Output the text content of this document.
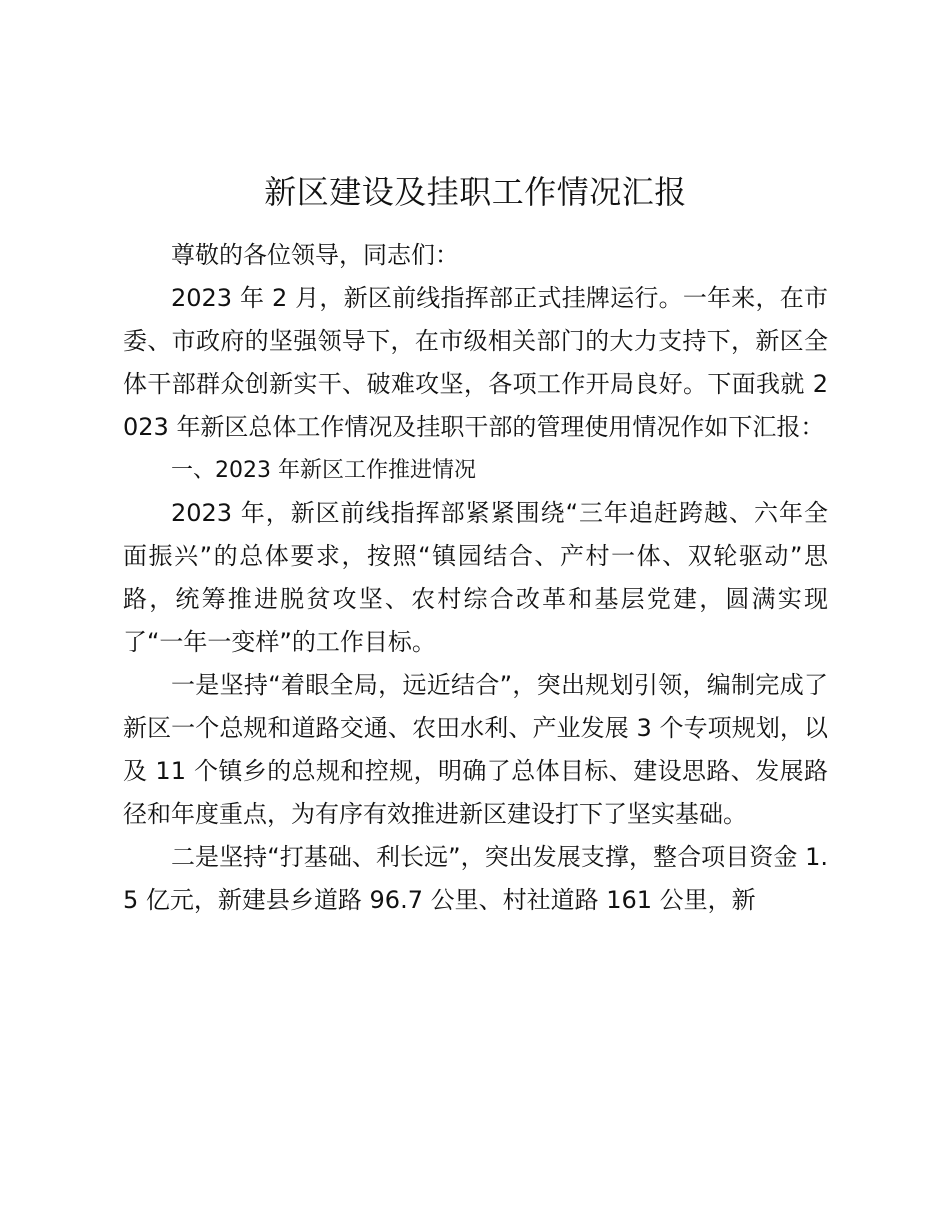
新区建设及挂职工作情况汇报

尊敬的各位领导，同志们：

2023 年 2 月，新区前线指挥部正式挂牌运行。一年来，在市委、市政府的坚强领导下，在市级相关部门的大力支持下，新区全体干部群众创新实干、破难攻坚，各项工作开局良好。下面我就 2023 年新区总体工作情况及挂职干部的管理使用情况作如下汇报：

一、2023 年新区工作推进情况

2023 年，新区前线指挥部紧紧围绕“三年追赶跨越、六年全面振兴”的总体要求，按照“镇园结合、产村一体、双轮驱动”思路，统筹推进脱贫攻坚、农村综合改革和基层党建，圆满实现了“一年一变样”的工作目标。

一是坚持“着眼全局，远近结合”，突出规划引领，编制完成了新区一个总规和道路交通、农田水利、产业发展 3 个专项规划，以及 11 个镇乡的总规和控规，明确了总体目标、建设思路、发展路径和年度重点，为有序有效推进新区建设打下了坚实基础。

二是坚持“打基础、利长远”，突出发展支撑，整合项目资金 1.5 亿元，新建县乡道路 96.7 公里、村社道路 161 公里，新
